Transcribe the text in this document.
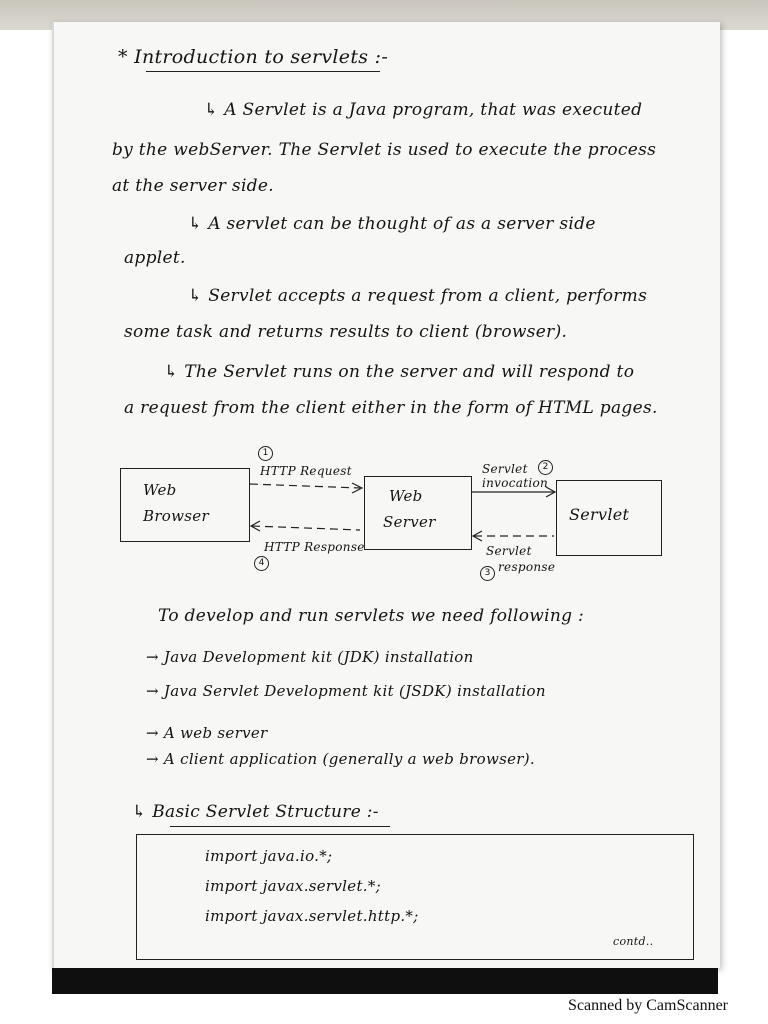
* Introduction to servlets :-
↳ A Servlet is a Java program, that was executed
by the webServer. The Servlet is used to execute the process
at the server side.
↳ A servlet can be thought of as a server side
applet.
↳ Servlet accepts a request from a client, performs
some task and returns results to client (browser).
↳ The Servlet runs on the server and will respond to
a request from the client either in the form of HTML pages.
Web
Browser
Web
Server	Servlet
1
HTTP Request	Servlet	2
invocation
HTTP Response
4
Servlet
3 response
To develop and run servlets we need following :
→ Java Development kit (JDK) installation
→ Java Servlet Development kit (JSDK) installation
→ A web server
→ A client application (generally a web browser).
↳ Basic Servlet Structure :-
import java.io.*;
import javax.servlet.*;
import javax.servlet.http.*;
contd..
Scanned by CamScanner
